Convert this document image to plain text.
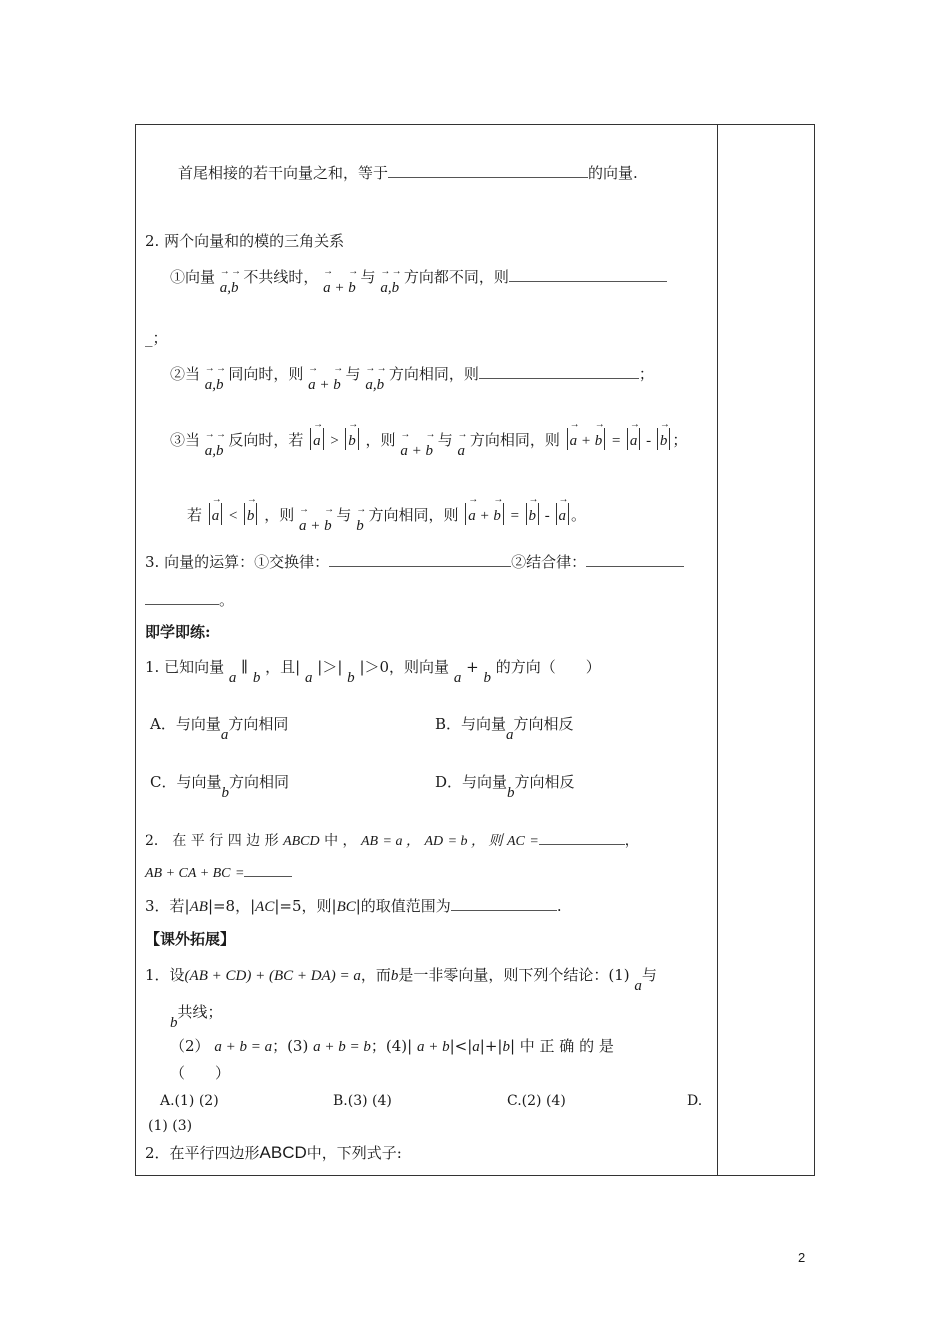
首尾相接的若干向量之和，等于	的向量.
2. 两个向量和的模的三角关系
①向量 a
→
,b
→ 不共线时， a
→
+ b
→ 与 a
→
,b
→ 方向都不同，则
_；
②当 a
→
,b
→ 同向时，则 a
→
+ b
→ 与 a
→
,b
→ 方向相同，则	；
③当 a
→
,b
→ 反向时，若 a
→
> b
→
，则 a
→
+ b
→ 与 a
→ 方向相同，则 a
→
+ b
→
= a
→
- b
→
；
若 a
→
< b
→
，则 a
→
+ b
→ 与 b
→ 方向相同，则 a
→
+ b
→
= b
→
- a
→
。
3. 向量的运算：①交换律：	②结合律：
。
即学即练:
1. 已知向量 a ∥ b ，且| a |＞| b |＞0，则向量 a + b 的方向（　　）
A．与向量a方向相同	B．与向量a方向相反
C．与向量b方向相同	D．与向量b方向相反
2． 在 平 行 四 边 形 ABCD 中 ， AB = a ， AD = b ， 则 AC =	，
AB + CA + BC =
3．若|AB|=8，|AC|=5，则|BC|的取值范围为	.
【课外拓展】
1．设(AB + CD) + (BC + DA) = a，而b是一非零向量，则下列个结论：(1) a与
b共线；
（2） a + b = a；(3) a + b = b；(4)| a + b|<|a|+|b| 中 正 确 的 是
（　　）
A.(1) (2)	B.(3) (4)	C.(2) (4)	D.
(1) (3)
2．在平行四边形ABCD中，下列式子:
2
